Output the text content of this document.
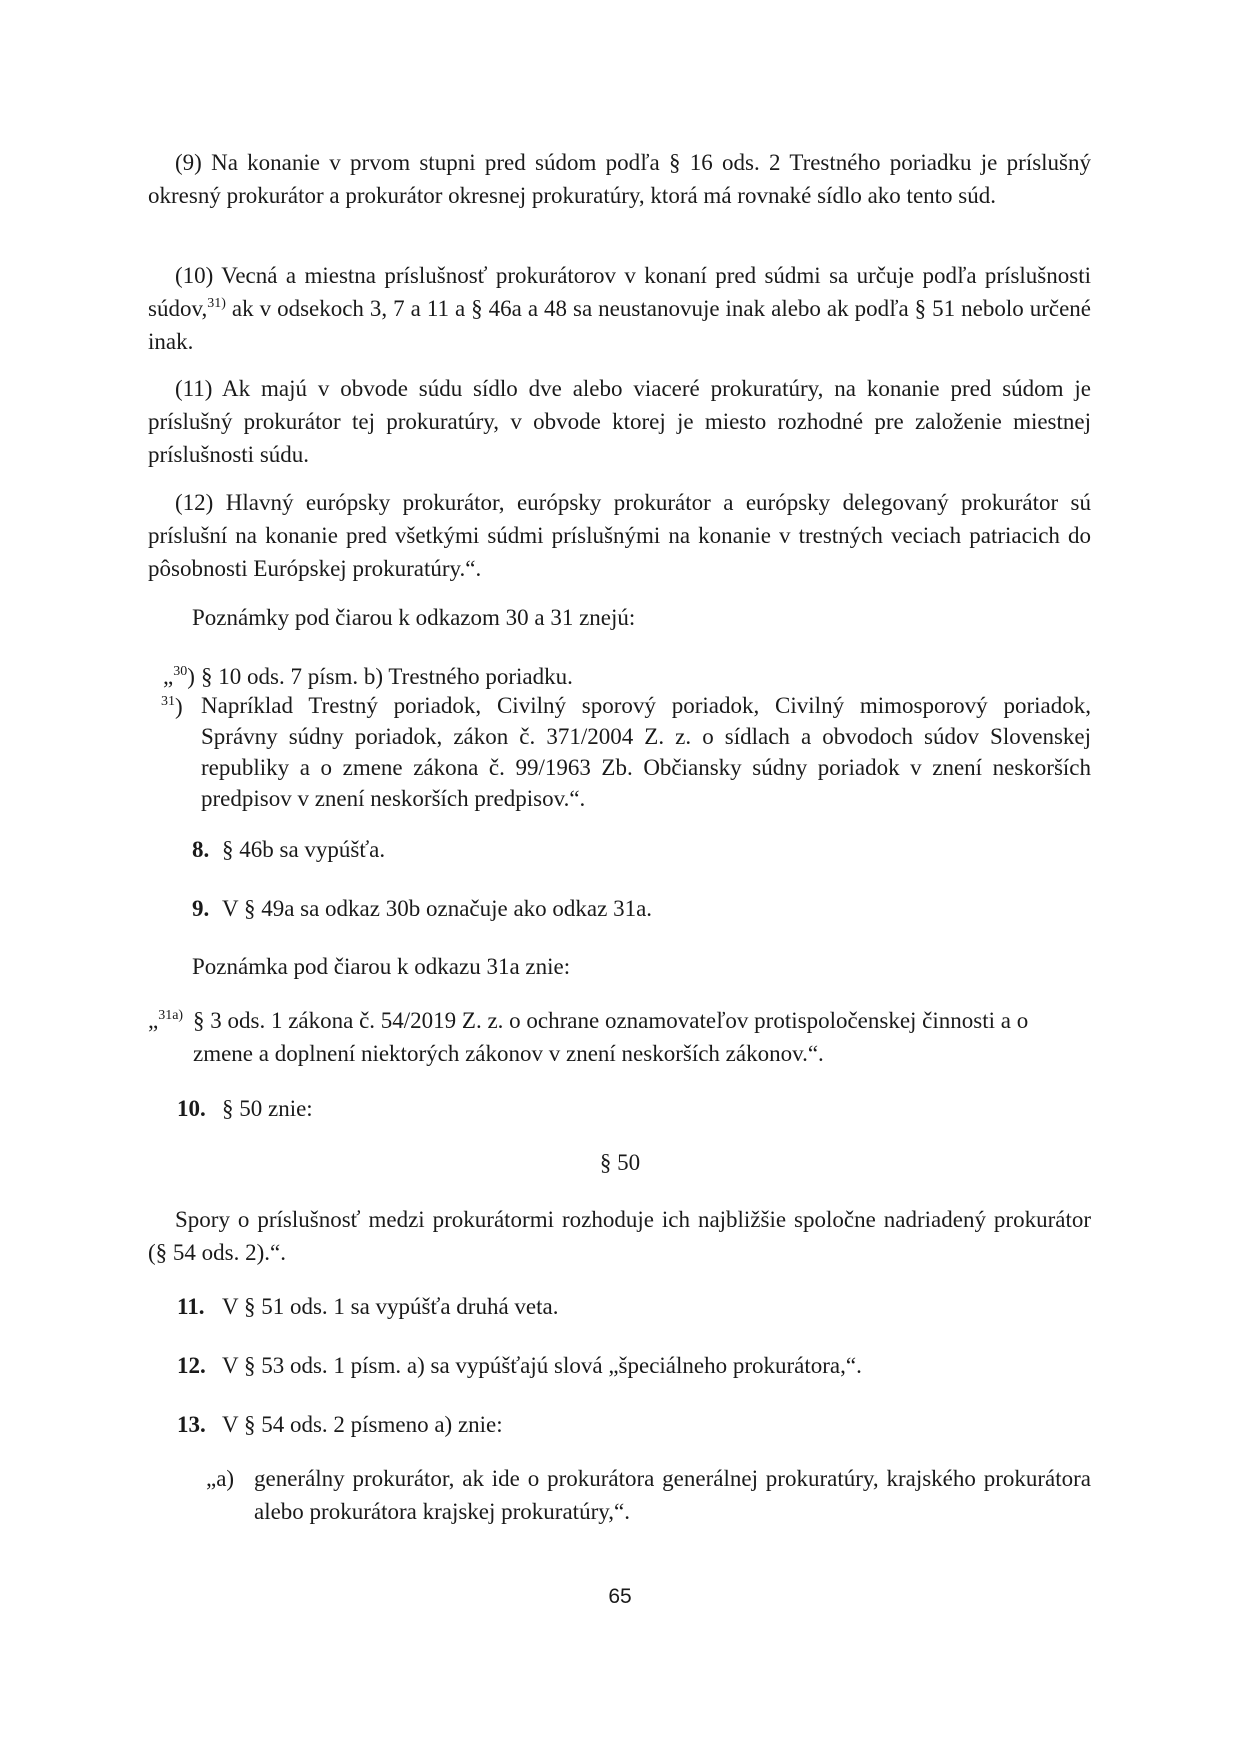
(9) Na konanie v prvom stupni pred súdom podľa § 16 ods. 2 Trestného poriadku je príslušný okresný prokurátor a prokurátor okresnej prokuratúry, ktorá má rovnaké sídlo ako tento súd.
(10) Vecná a miestna príslušnosť prokurátorov v konaní pred súdmi sa určuje podľa príslušnosti súdov,$^{31)}$ ak v odsekoch 3, 7 a 11 a § 46a a 48 sa neustanovuje inak alebo ak podľa § 51 nebolo určené inak.
(11) Ak majú v obvode súdu sídlo dve alebo viaceré prokuratúry, na konanie pred súdom je príslušný prokurátor tej prokuratúry, v obvode ktorej je miesto rozhodné pre založenie miestnej príslušnosti súdu.
(12) Hlavný európsky prokurátor, európsky prokurátor a európsky delegovaný prokurátor sú príslušní na konanie pred všetkými súdmi príslušnými na konanie v trestných veciach patriacich do pôsobnosti Európskej prokuratúry.“.
Poznámky pod čiarou k odkazom 30 a 31 znejú:
„$^{30}$) § 10 ods. 7 písm. b) Trestného poriadku.
$^{31}$) Napríklad Trestný poriadok, Civilný sporový poriadok, Civilný mimosporový poriadok, Správny súdny poriadok, zákon č. 371/2004 Z. z. o sídlach a obvodoch súdov Slovenskej republiky a o zmene zákona č. 99/1963 Zb. Občiansky súdny poriadok v znení neskorších predpisov v znení neskorších predpisov.“.
8. § 46b sa vypúšťa.
9. V § 49a sa odkaz 30b označuje ako odkaz 31a.
Poznámka pod čiarou k odkazu 31a znie:
„$^{31a)}$ § 3 ods. 1 zákona č. 54/2019 Z. z. o ochrane oznamovateľov protispoločenskej činnosti a o zmene a doplnení niektorých zákonov v znení neskorších zákonov.“.
10. § 50 znie:
§ 50
Spory o príslušnosť medzi prokurátormi rozhoduje ich najbližšie spoločne nadriadený prokurátor (§ 54 ods. 2).“.
11. V § 51 ods. 1 sa vypúšťa druhá veta.
12. V § 53 ods. 1 písm. a) sa vypúšťajú slová „špeciálneho prokurátora,“.
13. V § 54 ods. 2 písmeno a) znie:
„a) generálny prokurátor, ak ide o prokurátora generálnej prokuratúry, krajského prokurátora alebo prokurátora krajskej prokuratúry,“.
65
